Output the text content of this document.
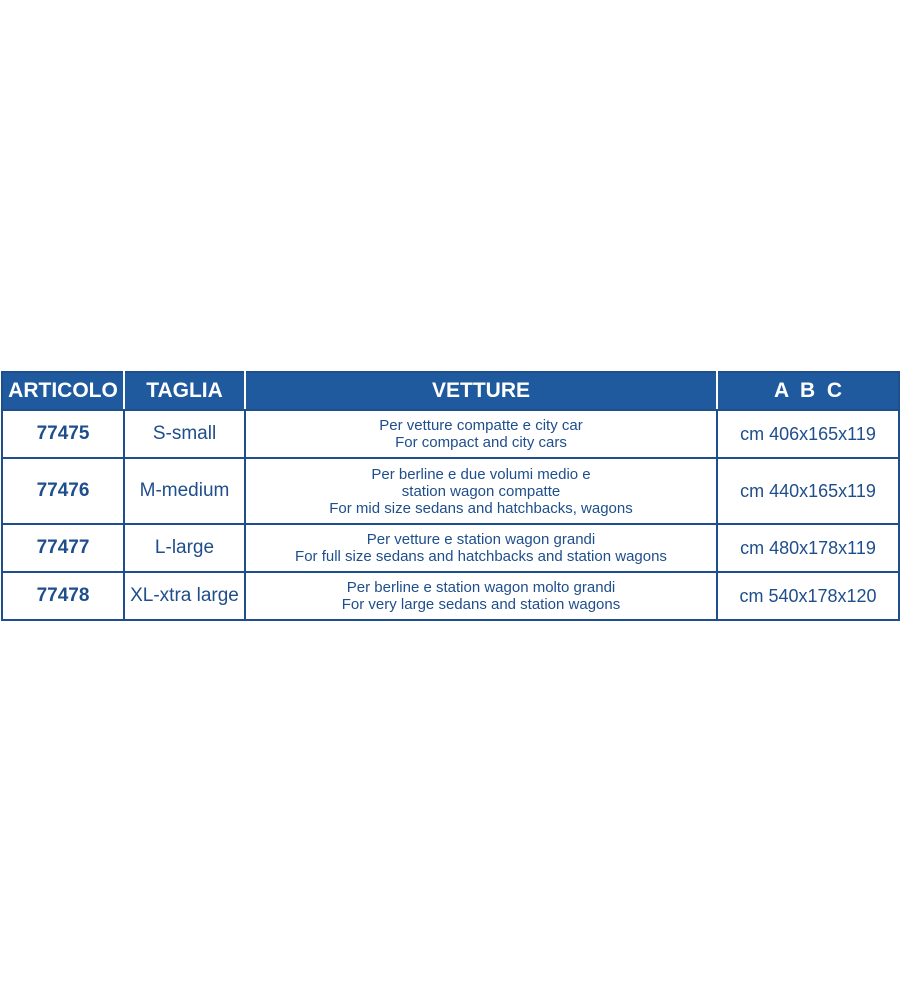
ARTICOLO	TAGLIA	VETTURE	A  B  C
77475	S-small	Per vetture compatte e city car
For compact and city cars	cm 406x165x119
77476	M-medium	Per berline e due volumi medio e
station wagon compatte
For mid size sedans and hatchbacks, wagons	cm 440x165x119
77477	L-large	Per vetture e station wagon grandi
For full size sedans and hatchbacks and station wagons	cm 480x178x119
77478	XL-xtra large	Per berline e station wagon molto grandi
For very large sedans and station wagons	cm 540x178x120
